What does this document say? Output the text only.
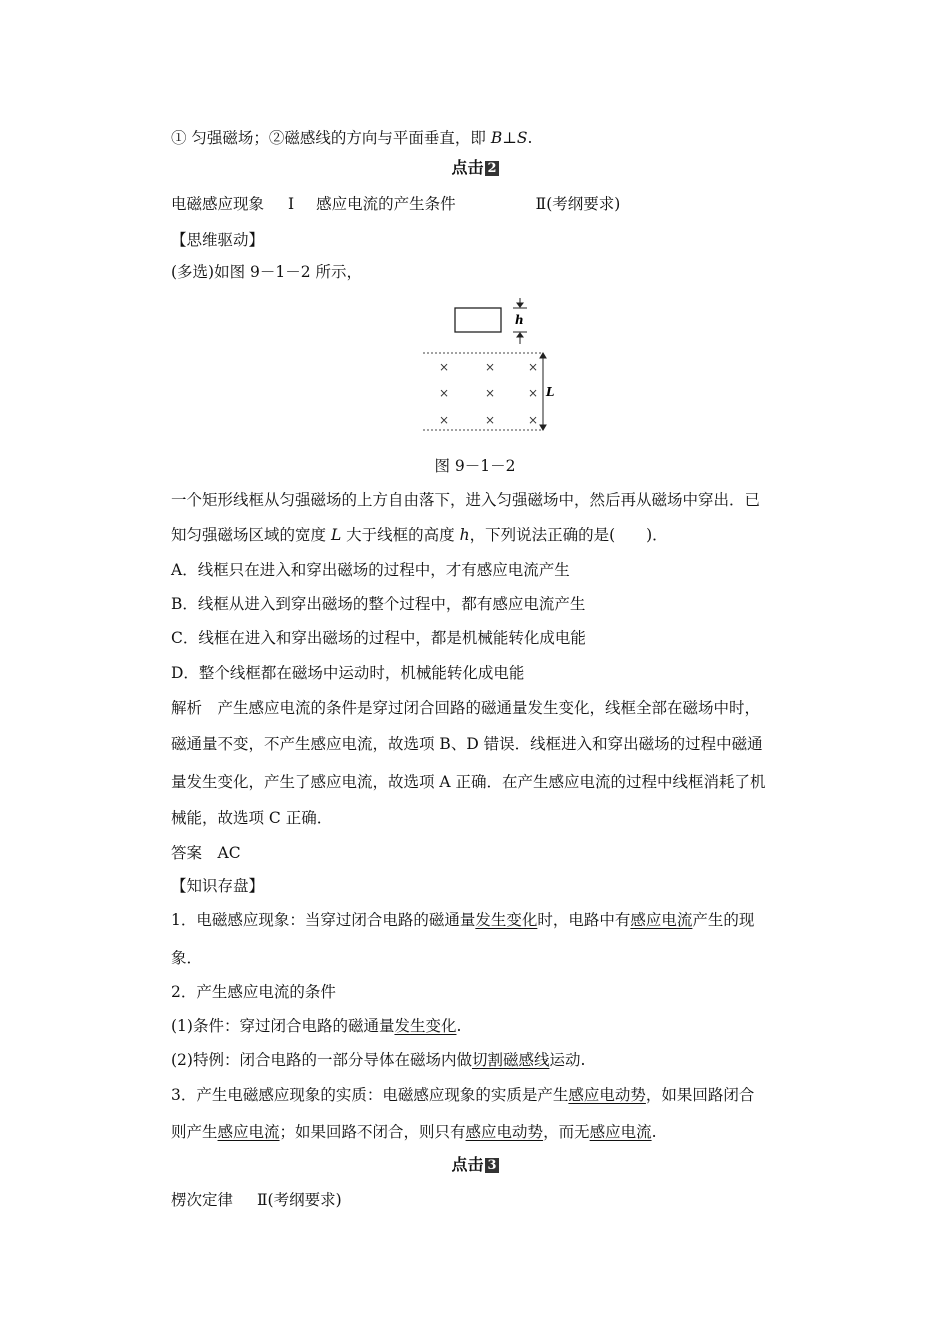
① 匀强磁场；②磁感线的方向与平面垂直，即 B⊥S.
点击 2
电磁感应现象 Ⅰ 感应电流的产生条件	Ⅱ(考纲要求)
【思维驱动】
(多选)如图 9－1－2 所示，
h
×	×	×
×	×	×
×	×	×
L
图 9－1－2
一个矩形线框从匀强磁场的上方自由落下，进入匀强磁场中，然后再从磁场中穿出．已
知匀强磁场区域的宽度 L 大于线框的高度 h，下列说法正确的是(　　)．
A．线框只在进入和穿出磁场的过程中，才有感应电流产生
B．线框从进入到穿出磁场的整个过程中，都有感应电流产生
C．线框在进入和穿出磁场的过程中，都是机械能转化成电能
D．整个线框都在磁场中运动时，机械能转化成电能
解析　产生感应电流的条件是穿过闭合回路的磁通量发生变化，线框全部在磁场中时，
磁通量不变，不产生感应电流，故选项 B、D 错误．线框进入和穿出磁场的过程中磁通
量发生变化，产生了感应电流，故选项 A 正确．在产生感应电流的过程中线框消耗了机
械能，故选项 C 正确．
答案　AC
【知识存盘】
1．电磁感应现象：当穿过闭合电路的磁通量发生变化时，电路中有感应电流产生的现
象．
2．产生感应电流的条件
(1)条件：穿过闭合电路的磁通量发生变化.
(2)特例：闭合电路的一部分导体在磁场内做切割磁感线运动.
3．产生电磁感应现象的实质：电磁感应现象的实质是产生感应电动势，如果回路闭合
则产生感应电流；如果回路不闭合，则只有感应电动势，而无感应电流.
点击 3
楞次定律 Ⅱ(考纲要求)
